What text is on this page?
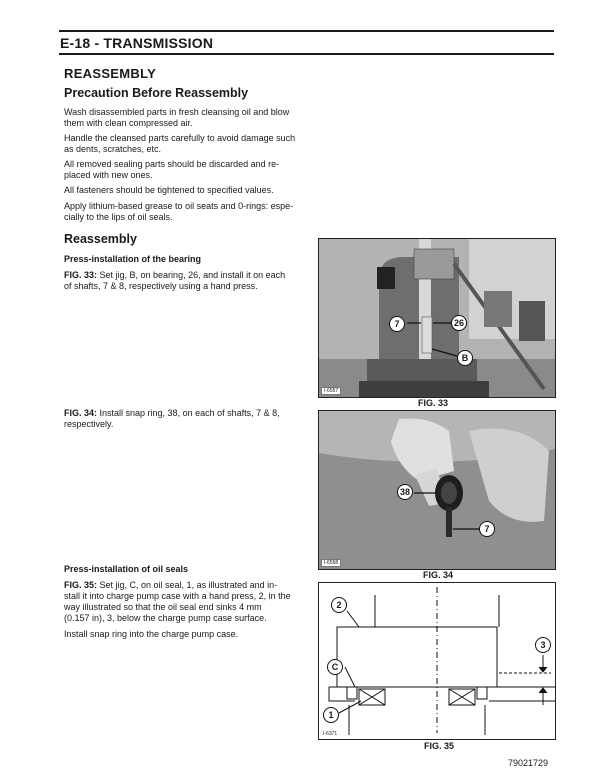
E-18 - TRANSMISSION
REASSEMBLY
Precaution Before Reassembly
Wash disassembled parts in fresh cleansing oil and blow
them with clean compressed air.
Handle the cleansed parts carefully to avoid damage such
as dents, scratches, etc.
All removed sealing parts should be discarded and re-
placed with new ones.
All fasteners should be tightened to specified values.
Apply lithium-based grease to oil seats and 0-rings: espe-
cially to the lips of oil seals.
Reassembly
Press-installation of the bearing
FIG. 33: Set jig, B, on bearing, 26, and install it on each
of shafts, 7 & 8, respectively using a hand press.
FIG. 34: Install snap ring, 38, on each of shafts, 7 & 8,
respectively.
Press-installation of oil seals
FIG. 35: Set jig, C, on oil seal, 1, as illustrated and in-
stall it into charge pump case with a hand press, 2, in the
way illustrated so that the oil seal end sinks 4 mm
(0.157 in), 3, below the charge pump case surface.
Install snap ring into the charge pump case.
7	26
B
I-6557
FIG. 33
38
7
I-6558
FIG. 34
2
C
3
1
I-6371
FIG. 35
79021729
